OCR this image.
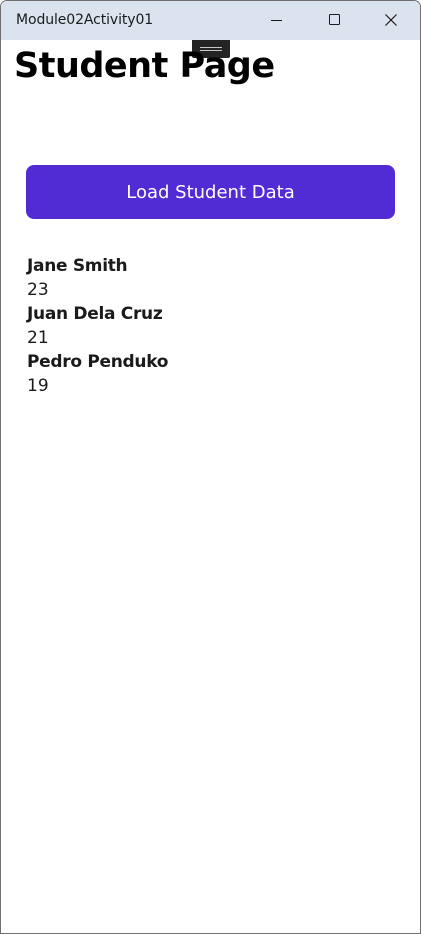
Module02Activity01
Student Page
Load Student Data
Jane Smith
23
Juan Dela Cruz
21
Pedro Penduko
19
